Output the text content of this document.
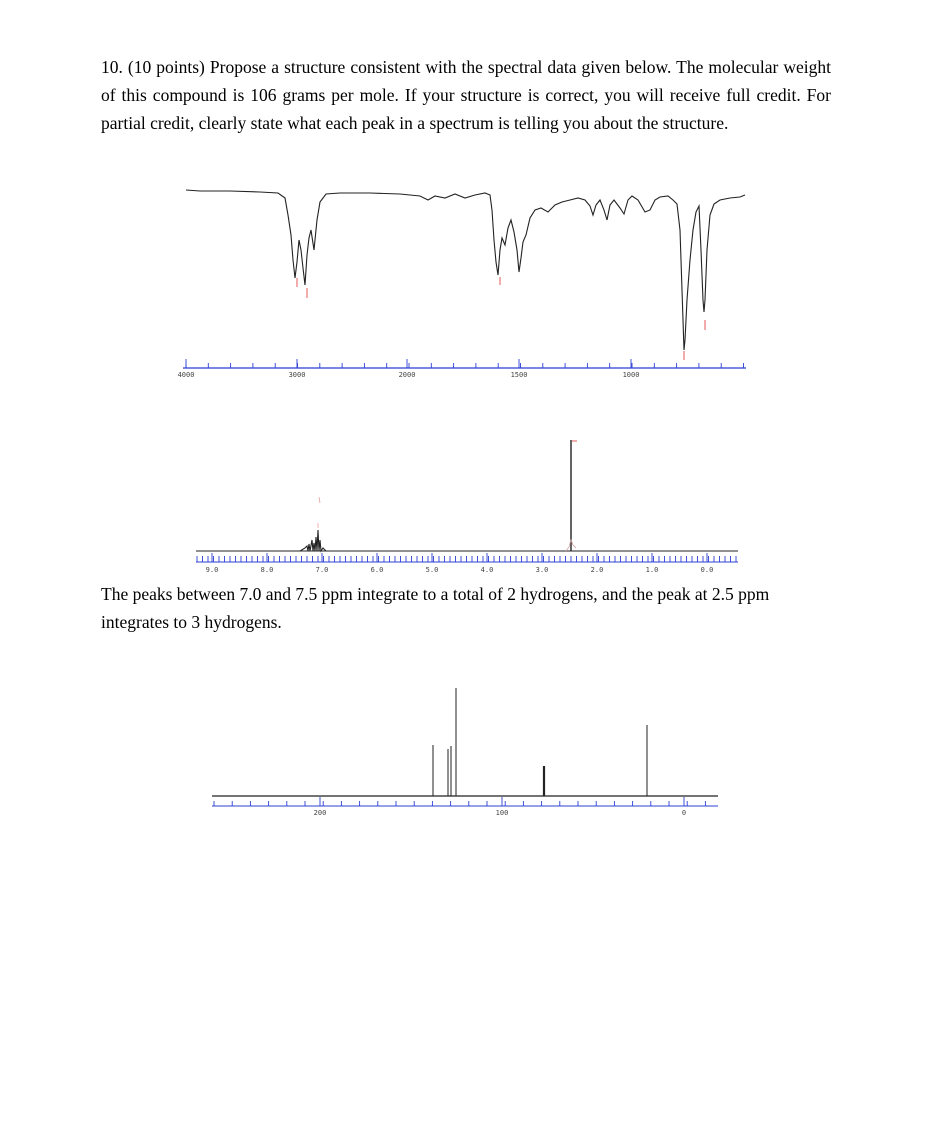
10. (10 points) Propose a structure consistent with the spectral data given below. The molecular weight of this compound is 106 grams per mole. If your structure is correct, you will receive full credit. For partial credit, clearly state what each peak in a spectrum is telling you about the structure.

4000	3000	2000	1500	1000
9.0	8.0	7.0	6.0	5.0	4.0	3.0	2.0	1.0	0.0

The peaks between 7.0 and 7.5 ppm integrate to a total of 2 hydrogens, and the peak at 2.5 ppm integrates to 3 hydrogens.

200	100	0
